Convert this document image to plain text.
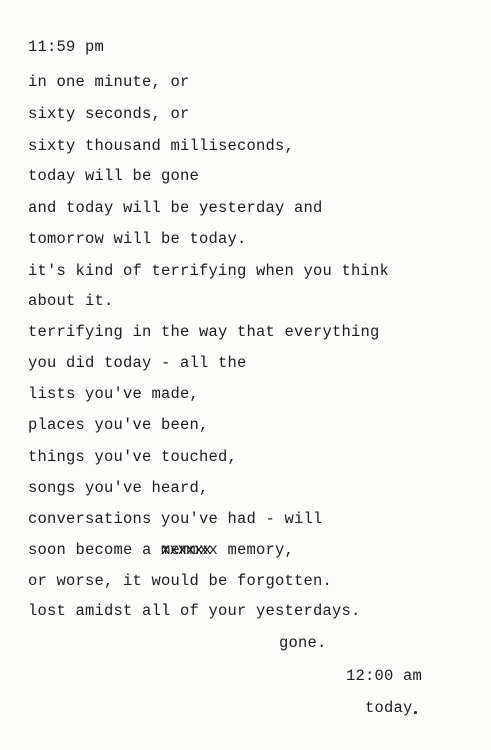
11:59 pm
in one minute, or
sixty seconds, or
sixty thousand milliseconds,
today will be gone
and today will be yesterday and
tomorrow will be today.
it's kind of terrifying when you think
about it.
terrifying in the way that everything
you did today - all the
lists you've made,
places you've been,
things you've touched,
songs you've heard,
conversations you've had - will
soon become a memmxx xxxxxx memory,
or worse, it would be forgotten.
lost amidst all of your yesterdays.
gone.
12:00 am
today
